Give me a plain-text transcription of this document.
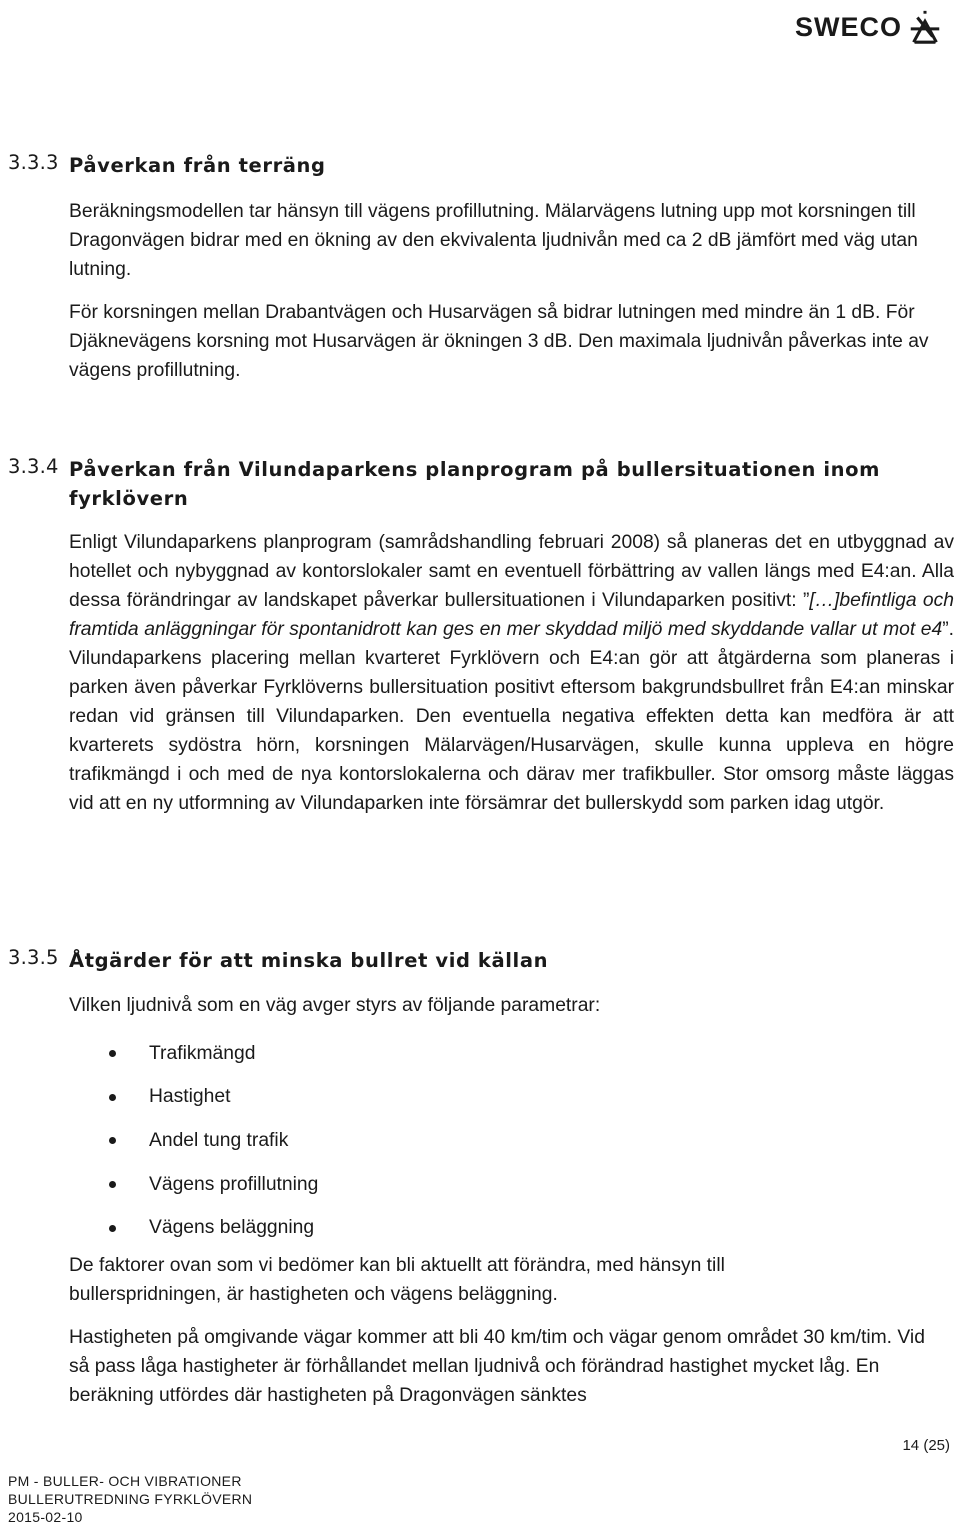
SWECO
3.3.3 Påverkan från terräng

Beräkningsmodellen tar hänsyn till vägens profillutning. Mälarvägens lutning upp mot korsningen till Dragonvägen bidrar med en ökning av den ekvivalenta ljudnivån med ca 2 dB jämfört med väg utan lutning.

För korsningen mellan Drabantvägen och Husarvägen så bidrar lutningen med mindre än 1 dB. För Djäknevägens korsning mot Husarvägen är ökningen 3 dB. Den maximala ljudnivån påverkas inte av vägens profillutning.

3.3.4 Påverkan från Vilundaparkens planprogram på bullersituationen inom fyrklövern

Enligt Vilundaparkens planprogram (samrådshandling februari 2008) så planeras det en utbyggnad av hotellet och nybyggnad av kontorslokaler samt en eventuell förbättring av vallen längs med E4:an. Alla dessa förändringar av landskapet påverkar bullersituationen i Vilundaparken positivt: ”[…]befintliga och framtida anläggningar för spontanidrott kan ges en mer skyddad miljö med skyddande vallar ut mot e4”. Vilundaparkens placering mellan kvarteret Fyrklövern och E4:an gör att åtgärderna som planeras i parken även påverkar Fyrklöverns bullersituation positivt eftersom bakgrundsbullret från E4:an minskar redan vid gränsen till Vilundaparken. Den eventuella negativa effekten detta kan medföra är att kvarterets sydöstra hörn, korsningen Mälarvägen/Husarvägen, skulle kunna uppleva en högre trafikmängd i och med de nya kontorslokalerna och därav mer trafikbuller. Stor omsorg måste läggas vid att en ny utformning av Vilundaparken inte försämrar det bullerskydd som parken idag utgör.

3.3.5 Åtgärder för att minska bullret vid källan

Vilken ljudnivå som en väg avger styrs av följande parametrar:

Trafikmängd
Hastighet
Andel tung trafik
Vägens profillutning
Vägens beläggning

De faktorer ovan som vi bedömer kan bli aktuellt att förändra, med hänsyn till bullerspridningen, är hastigheten och vägens beläggning.

Hastigheten på omgivande vägar kommer att bli 40 km/tim och vägar genom området 30 km/tim. Vid så pass låga hastigheter är förhållandet mellan ljudnivå och förändrad hastighet mycket låg. En beräkning utfördes där hastigheten på Dragonvägen sänktes

14 (25)
PM - BULLER- OCH VIBRATIONER
BULLERUTREDNING FYRKLÖVERN
2015-02-10
